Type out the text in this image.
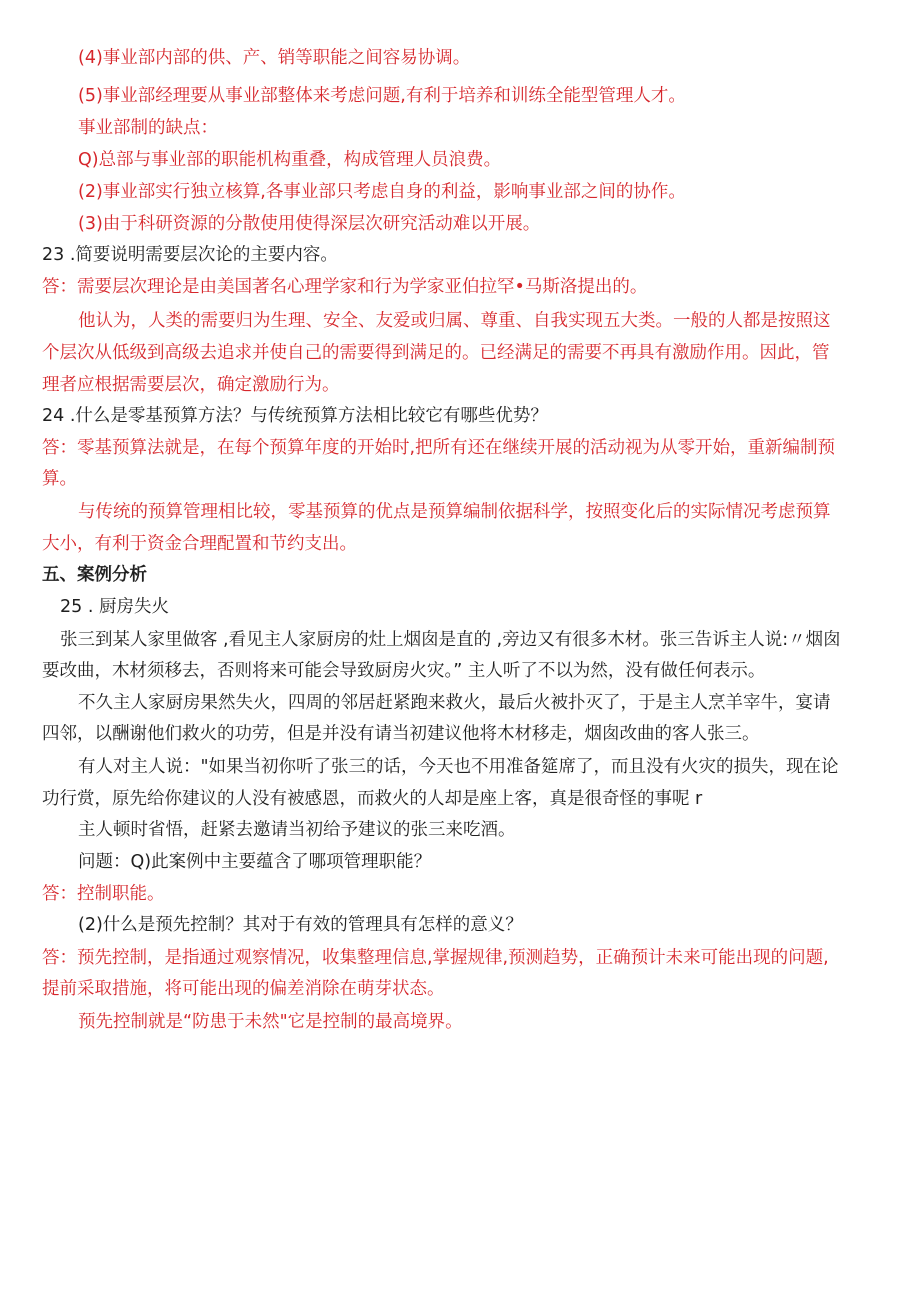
(4)事业部内部的供、产、销等职能之间容易协调。
(5)事业部经理要从事业部整体来考虑问题,有利于培养和训练全能型管理人才。
事业部制的缺点：
Q)总部与事业部的职能机构重叠，构成管理人员浪费。
(2)事业部实行独立核算,各事业部只考虑自身的利益，影响事业部之间的协作。
(3)由于科研资源的分散使用使得深层次研究活动难以开展。
23 .简要说明需要层次论的主要内容。
答：需要层次理论是由美国著名心理学家和行为学家亚伯拉罕•马斯洛提出的。
他认为，人类的需要归为生理、安全、友爱或归属、尊重、自我实现五大类。一般的人都是按照这
个层次从低级到高级去追求并使自己的需要得到满足的。已经满足的需要不再具有激励作用。因此，管
理者应根据需要层次，确定激励行为。
24 .什么是零基预算方法？与传统预算方法相比较它有哪些优势？
答：零基预算法就是，在每个预算年度的开始时,把所有还在继续开展的活动视为从零开始，重新编制预
算。
与传统的预算管理相比较，零基预算的优点是预算编制依据科学，按照变化后的实际情况考虑预算
大小，有利于资金合理配置和节约支出。
五、案例分析
25 . 厨房失火
张三到某人家里做客 ,看见主人家厨房的灶上烟囱是直的 ,旁边又有很多木材。张三告诉主人说:〃烟囱
要改曲，木材须移去，否则将来可能会导致厨房火灾。” 主人听了不以为然，没有做任何表示。
不久主人家厨房果然失火，四周的邻居赶紧跑来救火，最后火被扑灭了，于是主人烹羊宰牛，宴请
四邻，以酬谢他们救火的功劳，但是并没有请当初建议他将木材移走，烟囱改曲的客人张三。
有人对主人说："如果当初你听了张三的话，今天也不用准备筵席了，而且没有火灾的损失，现在论
功行赏，原先给你建议的人没有被感恩，而救火的人却是座上客，真是很奇怪的事呢 r
主人顿时省悟，赶紧去邀请当初给予建议的张三来吃酒。
问题：Q)此案例中主要蕴含了哪项管理职能？
答：控制职能。
(2)什么是预先控制？其对于有效的管理具有怎样的意义？
答：预先控制，是指通过观察情况，收集整理信息,掌握规律,预测趋势，正确预计未来可能出现的问题,
提前采取措施，将可能出现的偏差消除在萌芽状态。
预先控制就是“防患于未然"它是控制的最高境界。
